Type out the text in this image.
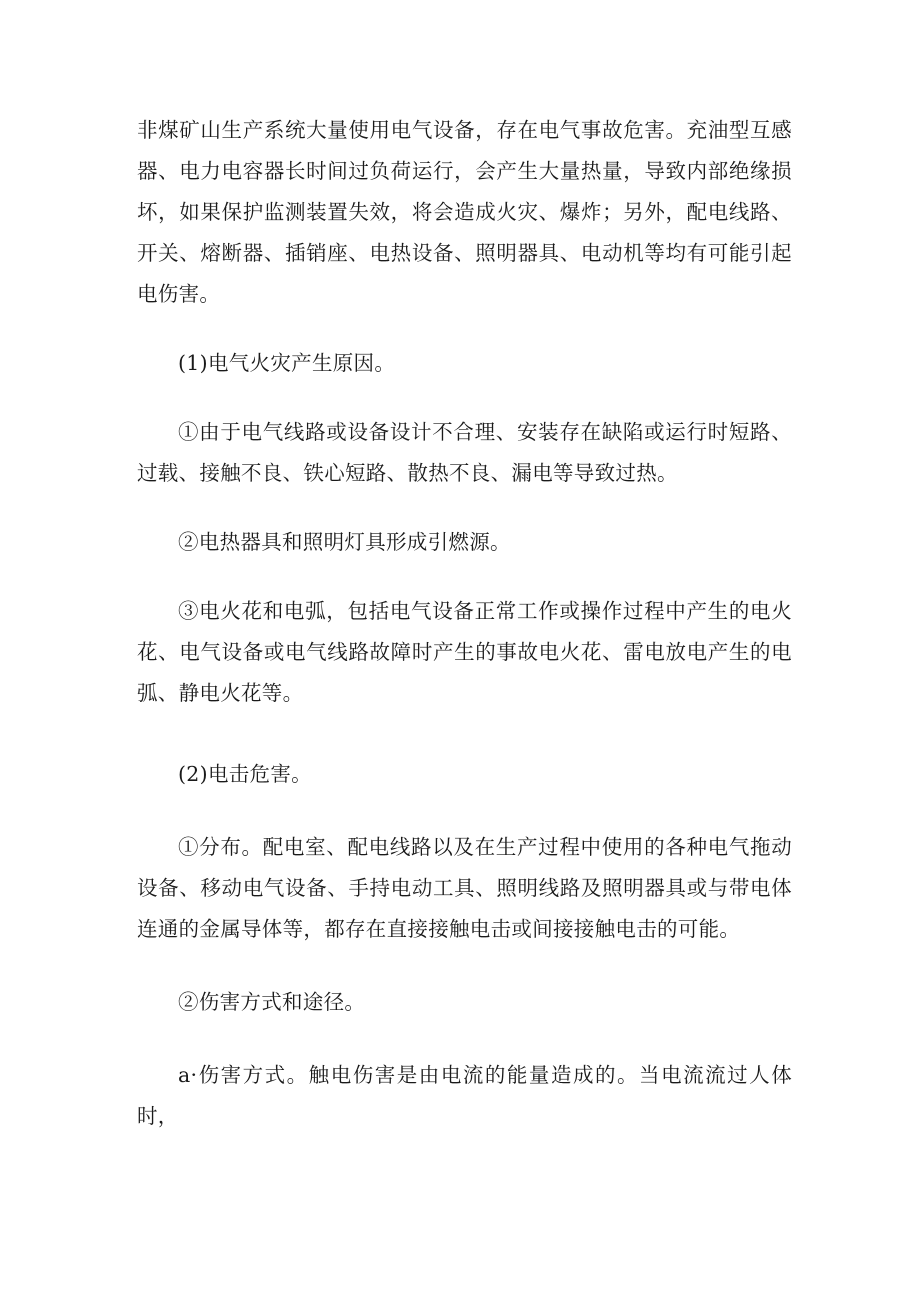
非煤矿山生产系统大量使用电气设备，存在电气事故危害。充油型互感器、电力电容器长时间过负荷运行，会产生大量热量，导致内部绝缘损坏，如果保护监测装置失效，将会造成火灾、爆炸；另外，配电线路、开关、熔断器、插销座、电热设备、照明器具、电动机等均有可能引起电伤害。

(1)电气火灾产生原因。

①由于电气线路或设备设计不合理、安装存在缺陷或运行时短路、过载、接触不良、铁心短路、散热不良、漏电等导致过热。

②电热器具和照明灯具形成引燃源。

③电火花和电弧，包括电气设备正常工作或操作过程中产生的电火花、电气设备或电气线路故障时产生的事故电火花、雷电放电产生的电弧、静电火花等。

(2)电击危害。

①分布。配电室、配电线路以及在生产过程中使用的各种电气拖动设备、移动电气设备、手持电动工具、照明线路及照明器具或与带电体连通的金属导体等，都存在直接接触电击或间接接触电击的可能。

②伤害方式和途径。

a·伤害方式。触电伤害是由电流的能量造成的。当电流流过人体时，
